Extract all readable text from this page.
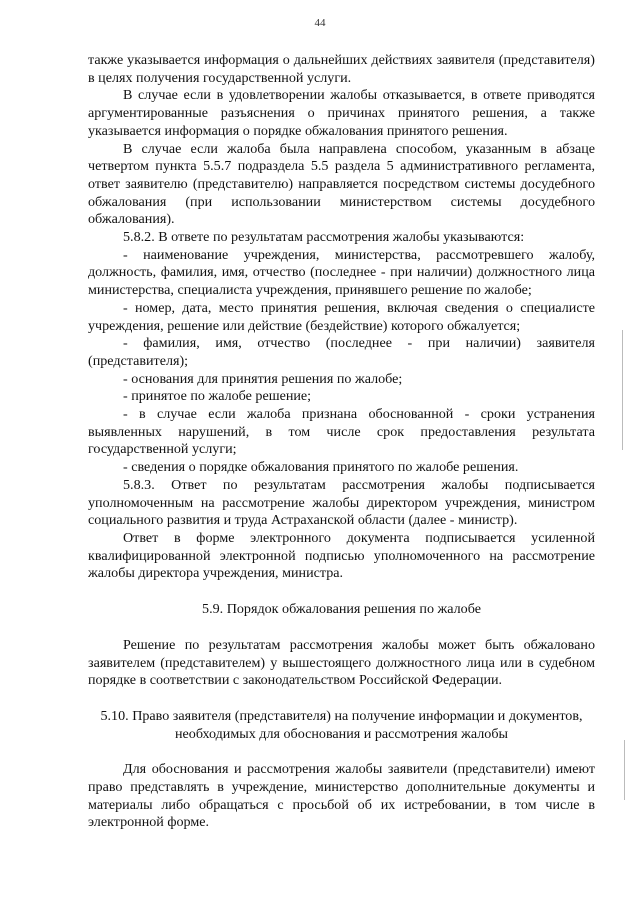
44

также указывается информация о дальнейших действиях заявителя (представителя) в целях получения государственной услуги.

В случае если в удовлетворении жалобы отказывается, в ответе приводятся аргументированные разъяснения о причинах принятого решения, а также указывается информация о порядке обжалования принятого решения.

В случае если жалоба была направлена способом, указанным в абзаце четвертом пункта 5.5.7 подраздела 5.5 раздела 5 административного регламента, ответ заявителю (представителю) направляется посредством системы досудебного обжалования (при использовании министерством системы досудебного обжалования).

5.8.2. В ответе по результатам рассмотрения жалобы указываются:

- наименование учреждения, министерства, рассмотревшего жалобу, должность, фамилия, имя, отчество (последнее - при наличии) должностного лица министерства, специалиста учреждения, принявшего решение по жалобе;

- номер, дата, место принятия решения, включая сведения о специалисте учреждения, решение или действие (бездействие) которого обжалуется;

- фамилия, имя, отчество (последнее - при наличии) заявителя (представителя);

- основания для принятия решения по жалобе;

- принятое по жалобе решение;

- в случае если жалоба признана обоснованной - сроки устранения выявленных нарушений, в том числе срок предоставления результата государственной услуги;

- сведения о порядке обжалования принятого по жалобе решения.

5.8.3. Ответ по результатам рассмотрения жалобы подписывается уполномоченным на рассмотрение жалобы директором учреждения, министром социального развития и труда Астраханской области (далее - министр).

Ответ в форме электронного документа подписывается усиленной квалифицированной электронной подписью уполномоченного на рассмотрение жалобы директора учреждения, министра.

5.9. Порядок обжалования решения по жалобе

Решение по результатам рассмотрения жалобы может быть обжаловано заявителем (представителем) у вышестоящего должностного лица или в судебном порядке в соответствии с законодательством Российской Федерации.

5.10. Право заявителя (представителя) на получение информации и документов, необходимых для обоснования и рассмотрения жалобы

Для обоснования и рассмотрения жалобы заявители (представители) имеют право представлять в учреждение, министерство дополнительные документы и материалы либо обращаться с просьбой об их истребовании, в том числе в электронной форме.
